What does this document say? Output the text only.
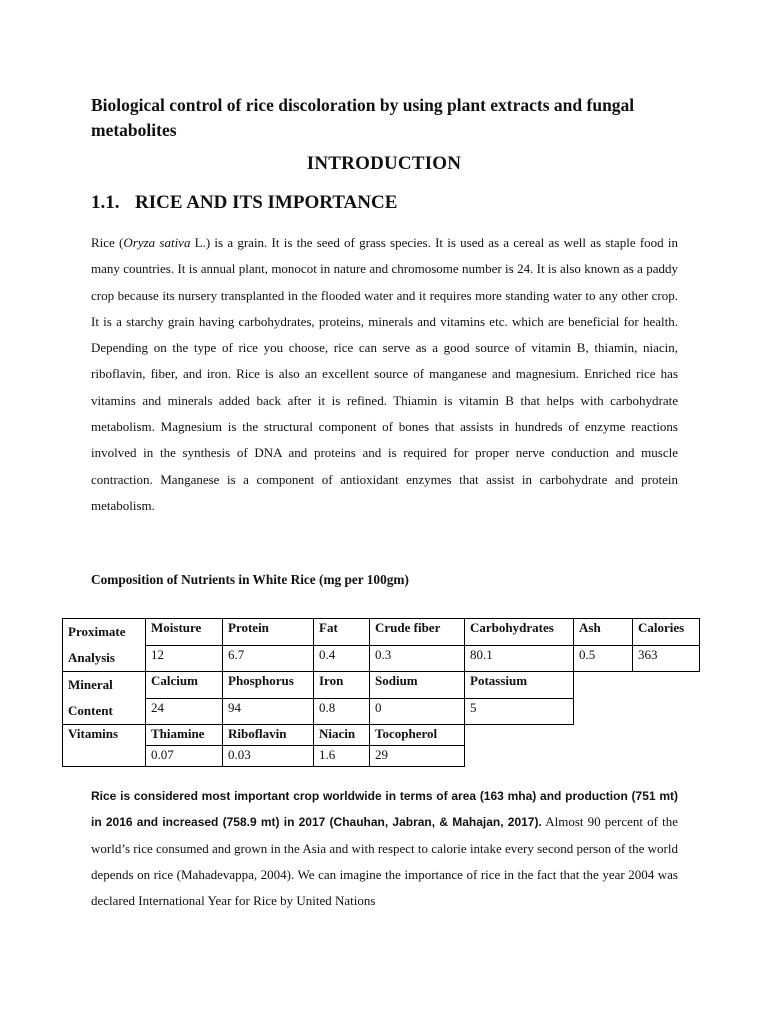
Biological control of rice discoloration by using plant extracts and fungal metabolites
INTRODUCTION
1.1. RICE AND ITS IMPORTANCE

Rice (Oryza sativa L.) is a grain. It is the seed of grass species. It is used as a cereal as well as staple food in many countries. It is annual plant, monocot in nature and chromosome number is 24. It is also known as a paddy crop because its nursery transplanted in the flooded water and it requires more standing water to any other crop. It is a starchy grain having carbohydrates, proteins, minerals and vitamins etc. which are beneficial for health. Depending on the type of rice you choose, rice can serve as a good source of vitamin B, thiamin, niacin, riboflavin, fiber, and iron. Rice is also an excellent source of manganese and magnesium. Enriched rice has vitamins and minerals added back after it is refined. Thiamin is vitamin B that helps with carbohydrate metabolism. Magnesium is the structural component of bones that assists in hundreds of enzyme reactions involved in the synthesis of DNA and proteins and is required for proper nerve conduction and muscle contraction. Manganese is a component of antioxidant enzymes that assist in carbohydrate and protein metabolism.

Composition of Nutrients in White Rice (mg per 100gm)

Proximate Analysis	Moisture	Protein	Fat	Crude fiber	Carbohydrates	Ash	Calories
	12	6.7	0.4	0.3	80.1	0.5	363
Mineral Content	Calcium	Phosphorus	Iron	Sodium	Potassium		
	24	94	0.8	0	5		
Vitamins	Thiamine	Riboflavin	Niacin	Tocopherol			
	0.07	0.03	1.6	29			

Rice is considered most important crop worldwide in terms of area (163 mha) and production (751 mt) in 2016 and increased (758.9 mt) in 2017 (Chauhan, Jabran, & Mahajan, 2017). Almost 90 percent of the world’s rice consumed and grown in the Asia and with respect to calorie intake every second person of the world depends on rice (Mahadevappa, 2004). We can imagine the importance of rice in the fact that the year 2004 was declared International Year for Rice by United Nations
